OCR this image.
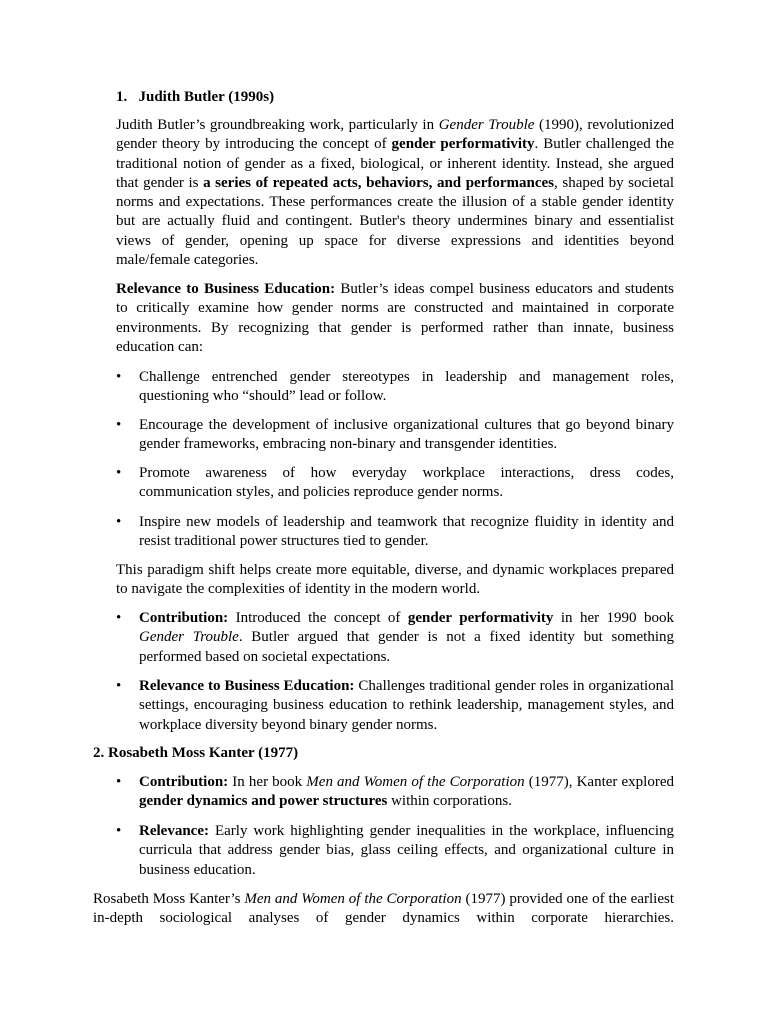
1. Judith Butler (1990s)

Judith Butler’s groundbreaking work, particularly in Gender Trouble (1990), revolutionized gender theory by introducing the concept of gender performativity. Butler challenged the traditional notion of gender as a fixed, biological, or inherent identity. Instead, she argued that gender is a series of repeated acts, behaviors, and performances, shaped by societal norms and expectations. These performances create the illusion of a stable gender identity but are actually fluid and contingent. Butler's theory undermines binary and essentialist views of gender, opening up space for diverse expressions and identities beyond male/female categories.

Relevance to Business Education: Butler’s ideas compel business educators and students to critically examine how gender norms are constructed and maintained in corporate environments. By recognizing that gender is performed rather than innate, business education can:

•	Challenge entrenched gender stereotypes in leadership and management roles, questioning who “should” lead or follow.

•	Encourage the development of inclusive organizational cultures that go beyond binary gender frameworks, embracing non-binary and transgender identities.

•	Promote awareness of how everyday workplace interactions, dress codes, communication styles, and policies reproduce gender norms.

•	Inspire new models of leadership and teamwork that recognize fluidity in identity and resist traditional power structures tied to gender.

This paradigm shift helps create more equitable, diverse, and dynamic workplaces prepared to navigate the complexities of identity in the modern world.

•	Contribution: Introduced the concept of gender performativity in her 1990 book Gender Trouble. Butler argued that gender is not a fixed identity but something performed based on societal expectations.

•	Relevance to Business Education: Challenges traditional gender roles in organizational settings, encouraging business education to rethink leadership, management styles, and workplace diversity beyond binary gender norms.

2. Rosabeth Moss Kanter (1977)
•	Contribution: In her book Men and Women of the Corporation (1977), Kanter explored gender dynamics and power structures within corporations.

•	Relevance: Early work highlighting gender inequalities in the workplace, influencing curricula that address gender bias, glass ceiling effects, and organizational culture in business education.

Rosabeth Moss Kanter’s Men and Women of the Corporation (1977) provided one of the earliest in-depth sociological analyses of gender dynamics within corporate hierarchies.
